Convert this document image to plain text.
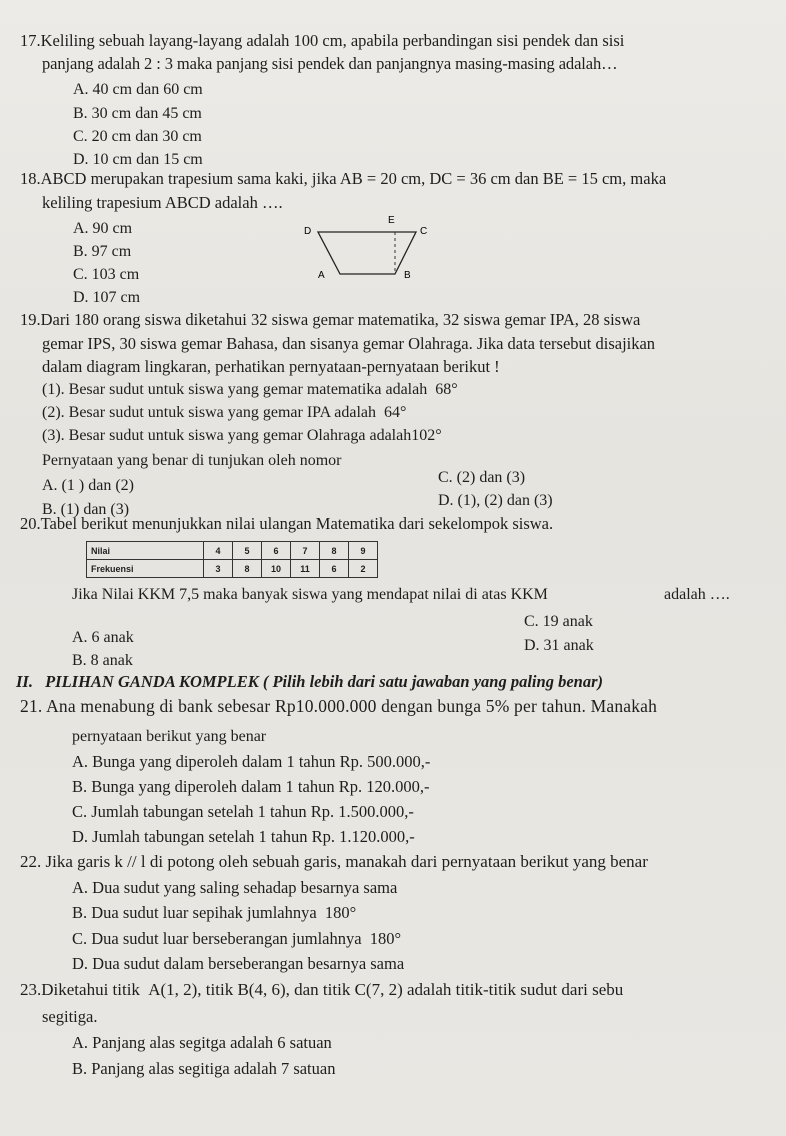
17.Keliling sebuah layang-layang adalah 100 cm, apabila perbandingan sisi pendek dan sisi
panjang adalah 2 : 3 maka panjang sisi pendek dan panjangnya masing-masing adalah…
A. 40 cm dan 60 cm
B. 30 cm dan 45 cm
C. 20 cm dan 30 cm
D. 10 cm dan 15 cm
18.ABCD merupakan trapesium sama kaki, jika AB = 20 cm, DC = 36 cm dan BE = 15 cm, maka
keliling trapesium ABCD adalah ….
A. 90 cm
B. 97 cm
C. 103 cm
D. 107 cm
D
E
C
A	B
19.Dari 180 orang siswa diketahui 32 siswa gemar matematika, 32 siswa gemar IPA, 28 siswa
gemar IPS, 30 siswa gemar Bahasa, dan sisanya gemar Olahraga. Jika data tersebut disajikan
dalam diagram lingkaran, perhatikan pernyataan-pernyataan berikut !
(1). Besar sudut untuk siswa yang gemar matematika adalah 68°
(2). Besar sudut untuk siswa yang gemar IPA adalah 64°
(3). Besar sudut untuk siswa yang gemar Olahraga adalah102°
Pernyataan yang benar di tunjukan oleh nomor
A. (1 ) dan (2)
B. (1) dan (3)
C. (2) dan (3)
D. (1), (2) dan (3)
20.Tabel berikut menunjukkan nilai ulangan Matematika dari sekelompok siswa.
Nilai	4	5	6	7	8	9
Frekuensi	3	8	10	11	6	2
Jika Nilai KKM 7,5 maka banyak siswa yang mendapat nilai di atas KKM	adalah ….
A. 6 anak
B. 8 anak
C. 19 anak
D. 31 anak
II. PILIHAN GANDA KOMPLEK ( Pilih lebih dari satu jawaban yang paling benar)
21. Ana menabung di bank sebesar Rp10.000.000 dengan bunga 5% per tahun. Manakah
pernyataan berikut yang benar
A. Bunga yang diperoleh dalam 1 tahun Rp. 500.000,-
B. Bunga yang diperoleh dalam 1 tahun Rp. 120.000,-
C. Jumlah tabungan setelah 1 tahun Rp. 1.500.000,-
D. Jumlah tabungan setelah 1 tahun Rp. 1.120.000,-
22. Jika garis k // l di potong oleh sebuah garis, manakah dari pernyataan berikut yang benar
A. Dua sudut yang saling sehadap besarnya sama
B. Dua sudut luar sepihak jumlahnya 180°
C. Dua sudut luar berseberangan jumlahnya 180°
D. Dua sudut dalam berseberangan besarnya sama
23.Diketahui titik A(1, 2), titik B(4, 6), dan titik C(7, 2) adalah titik-titik sudut dari sebu
segitiga.
A. Panjang alas segitga adalah 6 satuan
B. Panjang alas segitiga adalah 7 satuan
